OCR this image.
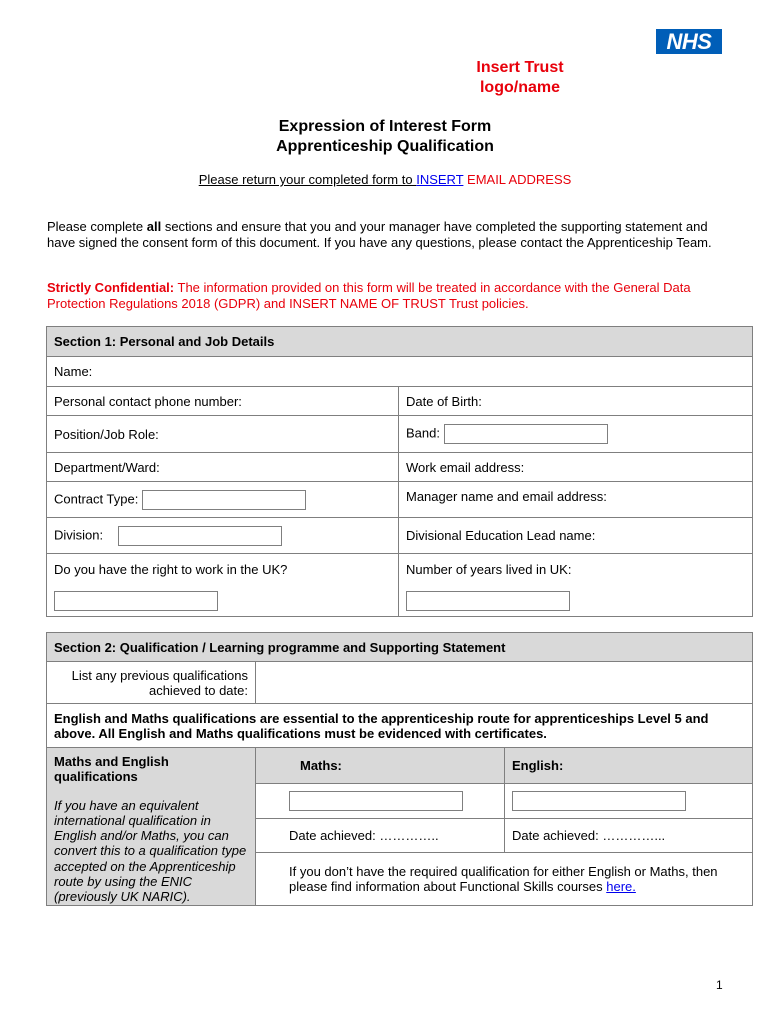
NHS
Insert Trust
logo/name
Expression of Interest Form
Apprenticeship Qualification
Please return your completed form to INSERT EMAIL ADDRESS
Please complete all sections and ensure that you and your manager have completed the supporting statement and have signed the consent form of this document. If you have any questions, please contact the Apprenticeship Team.
Strictly Confidential: The information provided on this form will be treated in accordance with the General Data Protection Regulations 2018 (GDPR) and INSERT NAME OF TRUST Trust policies.
Section 1: Personal and Job Details	
Name:	
Personal contact phone number:	Date of Birth:
Position/Job Role:	Band:
Department/Ward:	Work email address:
Contract Type:	Manager name and email address:
Division:	Divisional Education Lead name:

Do you have the right to work in the UK?	Number of years lived in UK:
Section 2: Qualification / Learning programme and Supporting Statement		
List any previous qualifications achieved to date:		
English and Maths qualifications are essential to the apprenticeship route for apprenticeships Level 5 and above. All English and Maths qualifications must be evidenced with certificates.		

Maths and English qualifications
If you have an equivalent international qualification in English and/or Maths, you can convert this to a qualification type accepted on the Apprenticeship route by using the ENIC (previously UK NARIC).	Maths:	English:

	Date achieved: …………..	Date achieved: …………...
	If you don’t have the required qualification for either English or Maths, then please find information about Functional Skills courses here.	
1
